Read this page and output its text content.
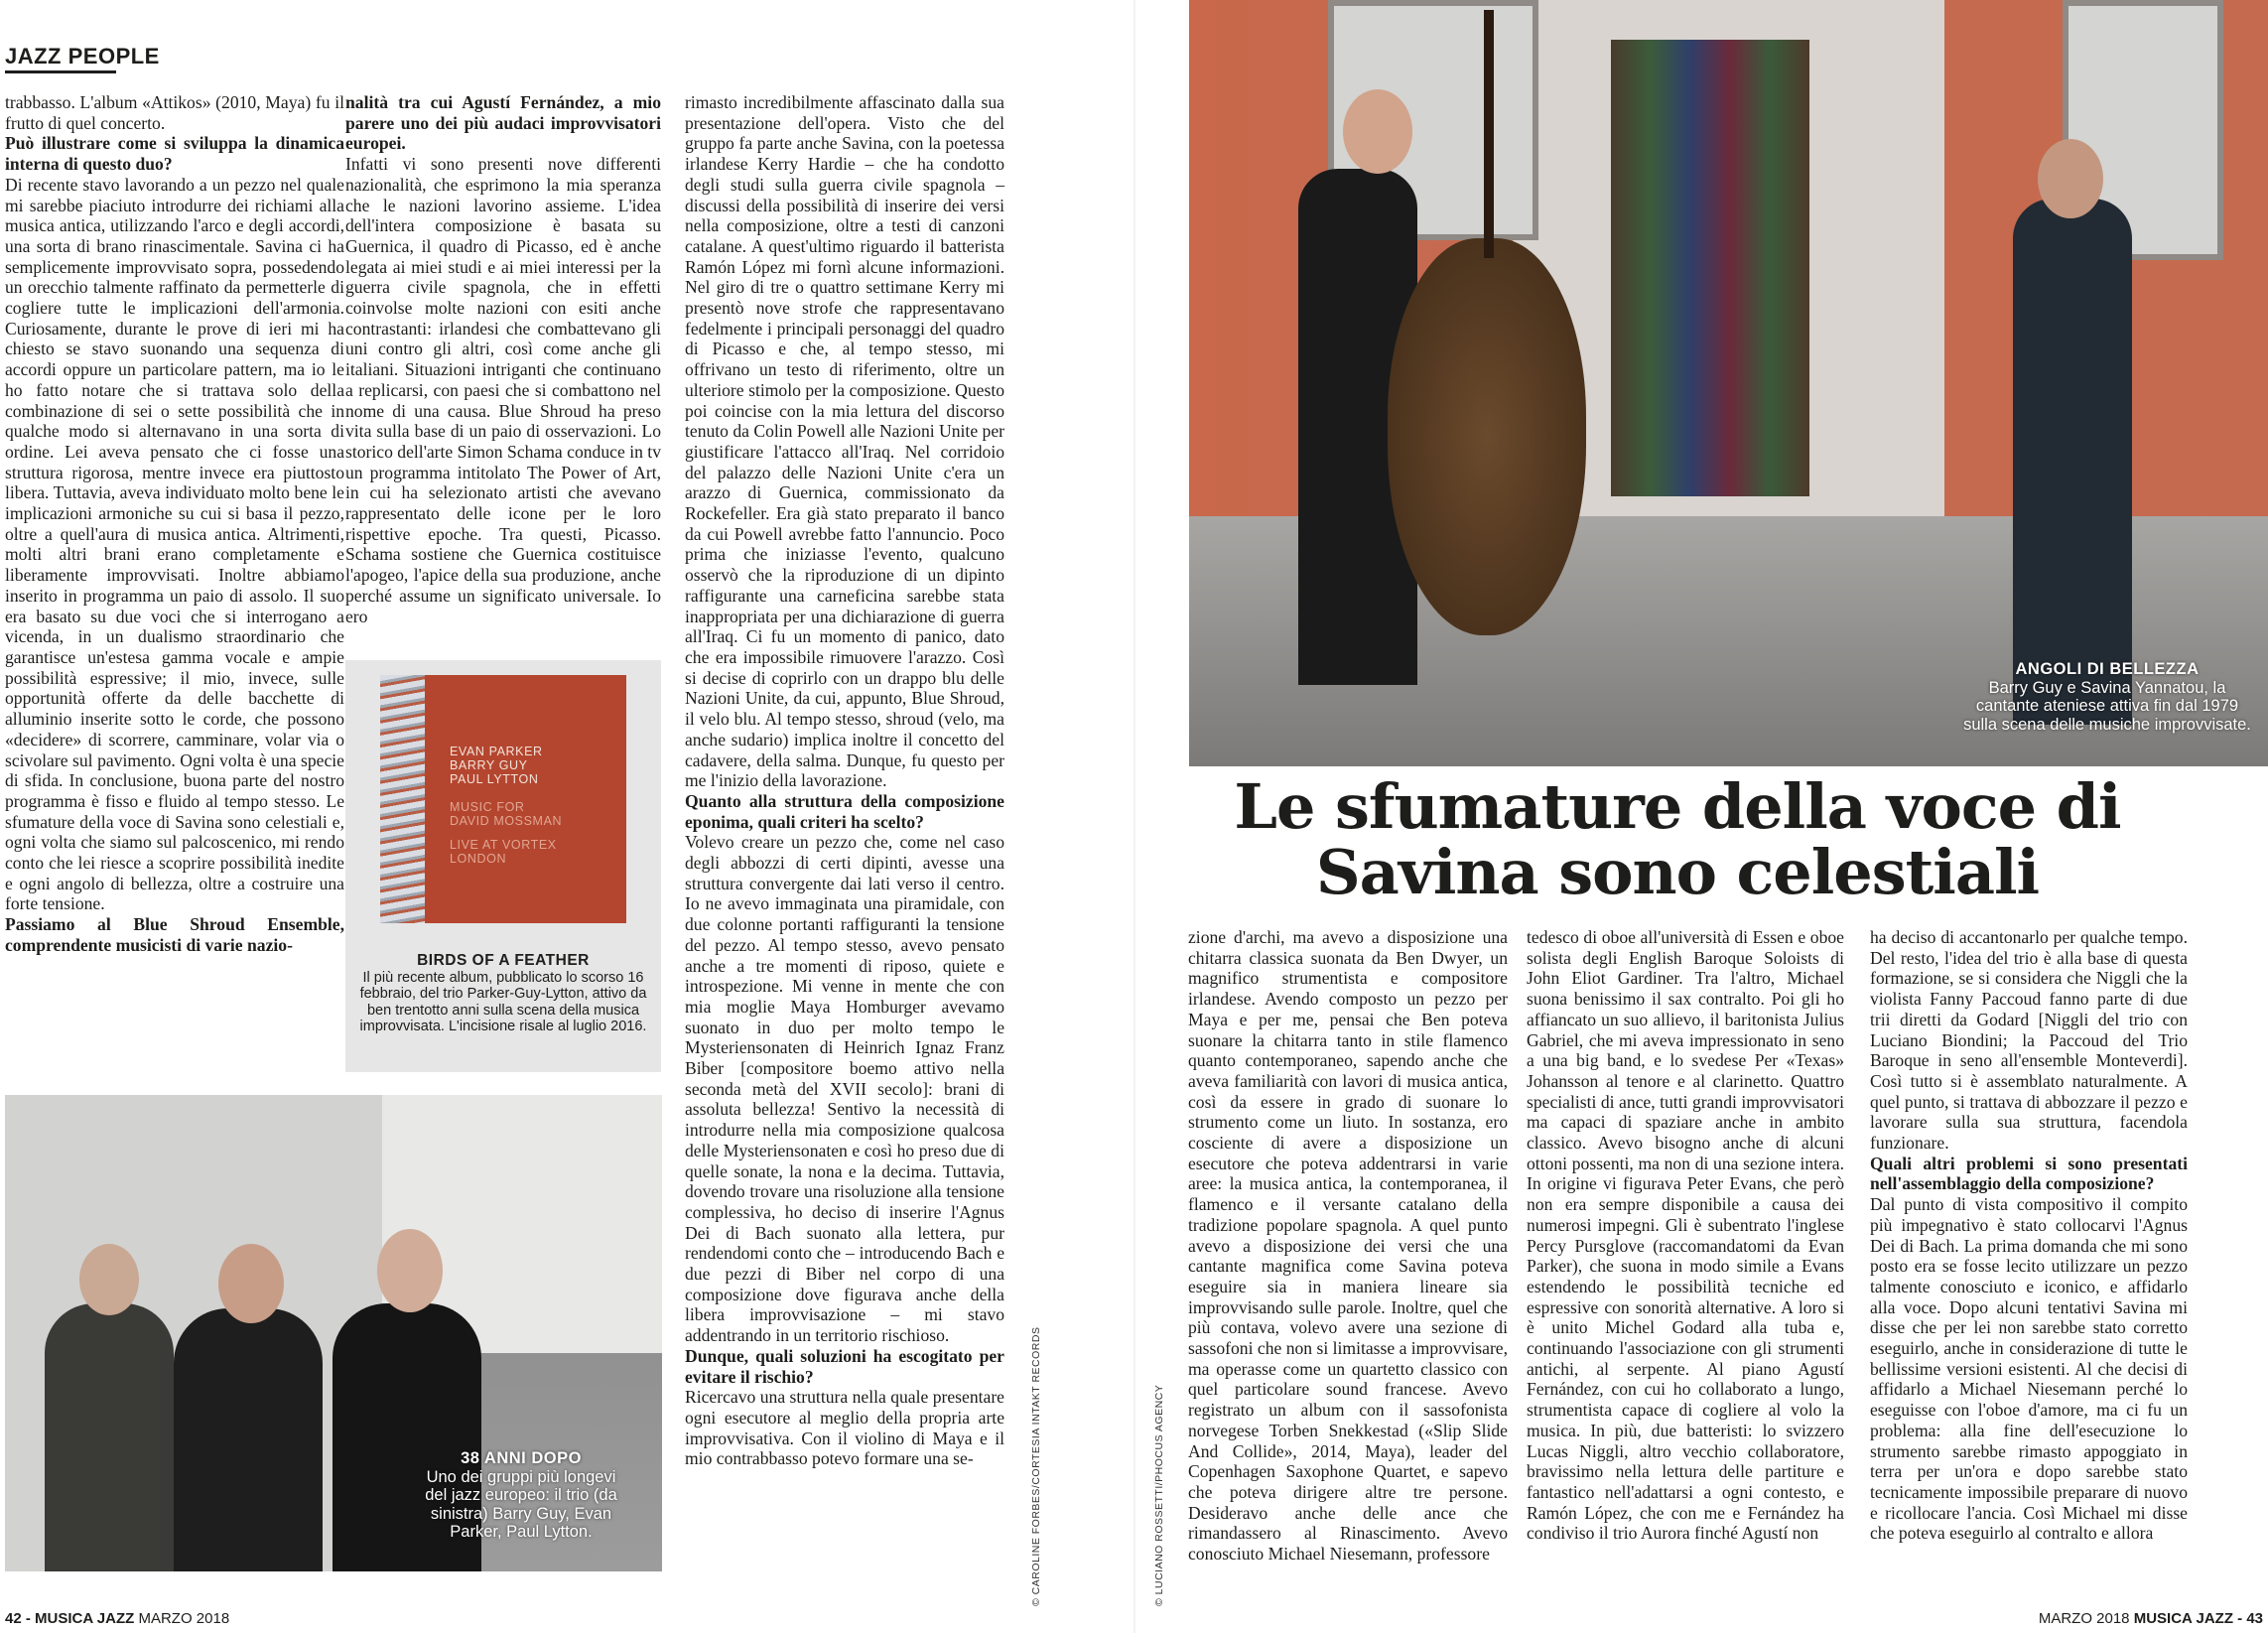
JAZZ PEOPLE

trabbasso. L'album «Attikos» (2010, Maya) fu il frutto di quel concerto.

Può illustrare come si sviluppa la dinamica interna di questo duo?

Di recente stavo lavorando a un pezzo nel quale mi sarebbe piaciuto introdurre dei richiami alla musica antica, utilizzando l'arco e degli accordi, una sorta di brano rinascimentale. Savina ci ha semplicemente improvvisato sopra, possedendo un orecchio talmente raffinato da permetterle di cogliere tutte le implicazioni dell'armonia. Curiosamente, durante le prove di ieri mi ha chiesto se stavo suonando una sequenza di accordi oppure un particolare pattern, ma io le ho fatto notare che si trattava solo della combinazione di sei o sette possibilità che in qualche modo si alternavano in una sorta di ordine. Lei aveva pensato che ci fosse una struttura rigorosa, mentre invece era piuttosto libera. Tuttavia, aveva individuato molto bene le implicazioni armoniche su cui si basa il pezzo, oltre a quell'aura di musica antica. Altrimenti, molti altri brani erano completamente e liberamente improvvisati. Inoltre abbiamo inserito in programma un paio di assolo. Il suo era basato su due voci che si interrogano a vicenda, in un dualismo straordinario che garantisce un'estesa gamma vocale e ampie possibilità espressive; il mio, invece, sulle opportunità offerte da delle bacchette di alluminio inserite sotto le corde, che possono «decidere» di scorrere, camminare, volar via o scivolare sul pavimento. Ogni volta è una specie di sfida. In conclusione, buona parte del nostro programma è fisso e fluido al tempo stesso. Le sfumature della voce di Savina sono celestiali e, ogni volta che siamo sul palcoscenico, mi rendo conto che lei riesce a scoprire possibilità inedite e ogni angolo di bellezza, oltre a costruire una forte tensione.

Passiamo al Blue Shroud Ensemble, comprendente musicisti di varie nazio-

nalità tra cui Agustí Fernández, a mio parere uno dei più audaci improvvisatori europei.

Infatti vi sono presenti nove differenti nazionalità, che esprimono la mia speranza che le nazioni lavorino assieme. L'idea dell'intera composizione è basata su Guernica, il quadro di Picasso, ed è anche legata ai miei studi e ai miei interessi per la guerra civile spagnola, che in effetti coinvolse molte nazioni con esiti anche contrastanti: irlandesi che combattevano gli uni contro gli altri, così come anche gli italiani. Situazioni intriganti che continuano a replicarsi, con paesi che si combattono nel nome di una causa. Blue Shroud ha preso vita sulla base di un paio di osservazioni. Lo storico dell'arte Simon Schama conduce in tv un programma intitolato The Power of Art, in cui ha selezionato artisti che avevano rappresentato delle icone per le loro rispettive epoche. Tra questi, Picasso. Schama sostiene che Guernica costituisce l'apogeo, l'apice della sua produzione, anche perché assume un significato universale. Io ero

EVAN PARKER
BARRY GUY
PAUL LYTTON
MUSIC FOR
DAVID MOSSMAN
LIVE AT VORTEX
LONDON
BIRDS OF A FEATHER
Il più recente album, pubblicato lo scorso 16 febbraio, del trio Parker-Guy-Lytton, attivo da ben trentotto anni sulla scena della musica improvvisata. L'incisione risale al luglio 2016.
38 ANNI DOPO
Uno dei gruppi più longevi del jazz europeo: il trio (da sinistra) Barry Guy, Evan Parker, Paul Lytton.

rimasto incredibilmente affascinato dalla sua presentazione dell'opera. Visto che del gruppo fa parte anche Savina, con la poetessa irlandese Kerry Hardie – che ha condotto degli studi sulla guerra civile spagnola – discussi della possibilità di inserire dei versi nella composizione, oltre a testi di canzoni catalane. A quest'ultimo riguardo il batterista Ramón López mi fornì alcune informazioni. Nel giro di tre o quattro settimane Kerry mi presentò nove strofe che rappresentavano fedelmente i principali personaggi del quadro di Picasso e che, al tempo stesso, mi offrivano un testo di riferimento, oltre un ulteriore stimolo per la composizione. Questo poi coincise con la mia lettura del discorso tenuto da Colin Powell alle Nazioni Unite per giustificare l'attacco all'Iraq. Nel corridoio del palazzo delle Nazioni Unite c'era un arazzo di Guernica, commissionato da Rockefeller. Era già stato preparato il banco da cui Powell avrebbe fatto l'annuncio. Poco prima che iniziasse l'evento, qualcuno osservò che la riproduzione di un dipinto raffigurante una carneficina sarebbe stata inappropriata per una dichiarazione di guerra all'Iraq. Ci fu un momento di panico, dato che era impossibile rimuovere l'arazzo. Così si decise di coprirlo con un drappo blu delle Nazioni Unite, da cui, appunto, Blue Shroud, il velo blu. Al tempo stesso, shroud (velo, ma anche sudario) implica inoltre il concetto del cadavere, della salma. Dunque, fu questo per me l'inizio della lavorazione.

Quanto alla struttura della composizione eponima, quali criteri ha scelto?

Volevo creare un pezzo che, come nel caso degli abbozzi di certi dipinti, avesse una struttura convergente dai lati verso il centro. Io ne avevo immaginata una piramidale, con due colonne portanti raffiguranti la tensione del pezzo. Al tempo stesso, avevo pensato anche a tre momenti di riposo, quiete e introspezione. Mi venne in mente che con mia moglie Maya Homburger avevamo suonato in duo per molto tempo le Mysteriensonaten di Heinrich Ignaz Franz Biber [compositore boemo attivo nella seconda metà del XVII secolo]: brani di assoluta bellezza! Sentivo la necessità di introdurre nella mia composizione qualcosa delle Mysteriensonaten e così ho preso due di quelle sonate, la nona e la decima. Tuttavia, dovendo trovare una risoluzione alla tensione complessiva, ho deciso di inserire l'Agnus Dei di Bach suonato alla lettera, pur rendendomi conto che – introducendo Bach e due pezzi di Biber nel corpo di una composizione dove figurava anche della libera improvvisazione – mi stavo addentrando in un territorio rischioso.

Dunque, quali soluzioni ha escogitato per evitare il rischio?

Ricercavo una struttura nella quale presentare ogni esecutore al meglio della propria arte improvvisativa. Con il violino di Maya e il mio contrabbasso potevo formare una se-	© CAROLINE FORBES/CORTESIA INTAKT RECORDS	© LUCIANO ROSSETTI/PHOCUS AGENCY
42 - MUSICA JAZZ MARZO 2018	MARZO 2018 MUSICA JAZZ - 43
ANGOLI DI BELLEZZA
Barry Guy e Savina Yannatou, la cantante ateniese attiva fin dal 1979 sulla scena delle musiche improvvisate.
Le sfumature della voce di Savina sono celestiali

zione d'archi, ma avevo a disposizione una chitarra classica suonata da Ben Dwyer, un magnifico strumentista e compositore irlandese. Avendo composto un pezzo per Maya e per me, pensai che Ben poteva suonare la chitarra tanto in stile flamenco quanto contemporaneo, sapendo anche che aveva familiarità con lavori di musica antica, così da essere in grado di suonare lo strumento come un liuto. In sostanza, ero cosciente di avere a disposizione un esecutore che poteva addentrarsi in varie aree: la musica antica, la contemporanea, il flamenco e il versante catalano della tradizione popolare spagnola. A quel punto avevo a disposizione dei versi che una cantante magnifica come Savina poteva eseguire sia in maniera lineare sia improvvisando sulle parole. Inoltre, quel che più contava, volevo avere una sezione di sassofoni che non si limitasse a improvvisare, ma operasse come un quartetto classico con quel particolare sound francese. Avevo registrato un album con il sassofonista norvegese Torben Snekkestad («Slip Slide And Collide», 2014, Maya), leader del Copenhagen Saxophone Quartet, e sapevo che poteva dirigere altre tre persone. Desideravo anche delle ance che rimandassero al Rinascimento. Avevo conosciuto Michael Niesemann, professore

tedesco di oboe all'università di Essen e oboe solista degli English Baroque Soloists di John Eliot Gardiner. Tra l'altro, Michael suona benissimo il sax contralto. Poi gli ho affiancato un suo allievo, il baritonista Julius Gabriel, che mi aveva impressionato in seno a una big band, e lo svedese Per «Texas» Johansson al tenore e al clarinetto. Quattro specialisti di ance, tutti grandi improvvisatori ma capaci di spaziare anche in ambito classico. Avevo bisogno anche di alcuni ottoni possenti, ma non di una sezione intera. In origine vi figurava Peter Evans, che però non era sempre disponibile a causa dei numerosi impegni. Gli è subentrato l'inglese Percy Pursglove (raccomandatomi da Evan Parker), che suona in modo simile a Evans estendendo le possibilità tecniche ed espressive con sonorità alternative. A loro si è unito Michel Godard alla tuba e, continuando l'associazione con gli strumenti antichi, al serpente. Al piano Agustí Fernández, con cui ho collaborato a lungo, strumentista capace di cogliere al volo la musica. In più, due batteristi: lo svizzero Lucas Niggli, altro vecchio collaboratore, bravissimo nella lettura delle partiture e fantastico nell'adattarsi a ogni contesto, e Ramón López, che con me e Fernández ha condiviso il trio Aurora finché Agustí non

ha deciso di accantonarlo per qualche tempo. Del resto, l'idea del trio è alla base di questa formazione, se si considera che Niggli che la violista Fanny Paccoud fanno parte di due trii diretti da Godard [Niggli del trio con Luciano Biondini; la Paccoud del Trio Baroque in seno all'ensemble Monteverdi]. Così tutto si è assemblato naturalmente. A quel punto, si trattava di abbozzare il pezzo e lavorare sulla sua struttura, facendola funzionare.

Quali altri problemi si sono presentati nell'assemblaggio della composizione?

Dal punto di vista compositivo il compito più impegnativo è stato collocarvi l'Agnus Dei di Bach. La prima domanda che mi sono posto era se fosse lecito utilizzare un pezzo talmente conosciuto e iconico, e affidarlo alla voce. Dopo alcuni tentativi Savina mi disse che per lei non sarebbe stato corretto eseguirlo, anche in considerazione di tutte le bellissime versioni esistenti. Al che decisi di affidarlo a Michael Niesemann perché lo eseguisse con l'oboe d'amore, ma ci fu un problema: alla fine dell'esecuzione lo strumento sarebbe rimasto appoggiato in terra per un'ora e dopo sarebbe stato tecnicamente impossibile preparare di nuovo e ricollocare l'ancia. Così Michael mi disse che poteva eseguirlo al contralto e allora
